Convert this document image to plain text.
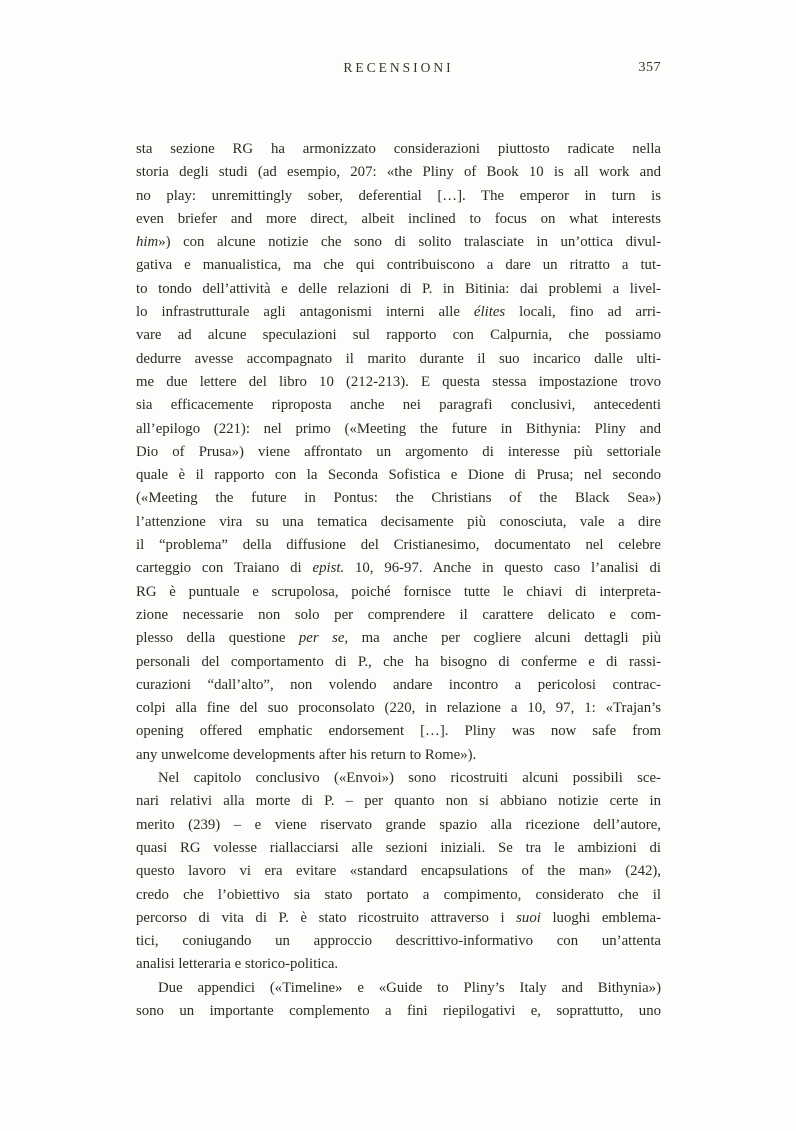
RECENSIONI	357
sta sezione RG ha armonizzato considerazioni piuttosto radicate nella
storia degli studi (ad esempio, 207: «the Pliny of Book 10 is all work and
no play: unremittingly sober, deferential […]. The emperor in turn is
even briefer and more direct, albeit inclined to focus on what interests
him») con alcune notizie che sono di solito tralasciate in un’ottica divul-
gativa e manualistica, ma che qui contribuiscono a dare un ritratto a tut-
to tondo dell’attività e delle relazioni di P. in Bitinia: dai problemi a livel-
lo infrastrutturale agli antagonismi interni alle élites locali, fino ad arri-
vare ad alcune speculazioni sul rapporto con Calpurnia, che possiamo
dedurre avesse accompagnato il marito durante il suo incarico dalle ulti-
me due lettere del libro 10 (212-213). E questa stessa impostazione trovo
sia efficacemente riproposta anche nei paragrafi conclusivi, antecedenti
all’epilogo (221): nel primo («Meeting the future in Bithynia: Pliny and
Dio of Prusa») viene affrontato un argomento di interesse più settoriale
quale è il rapporto con la Seconda Sofistica e Dione di Prusa; nel secondo
(«Meeting the future in Pontus: the Christians of the Black Sea»)
l’attenzione vira su una tematica decisamente più conosciuta, vale a dire
il “problema” della diffusione del Cristianesimo, documentato nel celebre
carteggio con Traiano di epist. 10, 96-97. Anche in questo caso l’analisi di
RG è puntuale e scrupolosa, poiché fornisce tutte le chiavi di interpreta-
zione necessarie non solo per comprendere il carattere delicato e com-
plesso della questione per se, ma anche per cogliere alcuni dettagli più
personali del comportamento di P., che ha bisogno di conferme e di rassi-
curazioni “dall’alto”, non volendo andare incontro a pericolosi contrac-
colpi alla fine del suo proconsolato (220, in relazione a 10, 97, 1: «Trajan’s
opening offered emphatic endorsement […]. Pliny was now safe from
any unwelcome developments after his return to Rome»).
Nel capitolo conclusivo («Envoi») sono ricostruiti alcuni possibili sce-
nari relativi alla morte di P. – per quanto non si abbiano notizie certe in
merito (239) – e viene riservato grande spazio alla ricezione dell’autore,
quasi RG volesse riallacciarsi alle sezioni iniziali. Se tra le ambizioni di
questo lavoro vi era evitare «standard encapsulations of the man» (242),
credo che l’obiettivo sia stato portato a compimento, considerato che il
percorso di vita di P. è stato ricostruito attraverso i suoi luoghi emblema-
tici, coniugando un approccio descrittivo-informativo con un’attenta
analisi letteraria e storico-politica.
Due appendici («Timeline» e «Guide to Pliny’s Italy and Bithynia»)
sono un importante complemento a fini riepilogativi e, soprattutto, uno
